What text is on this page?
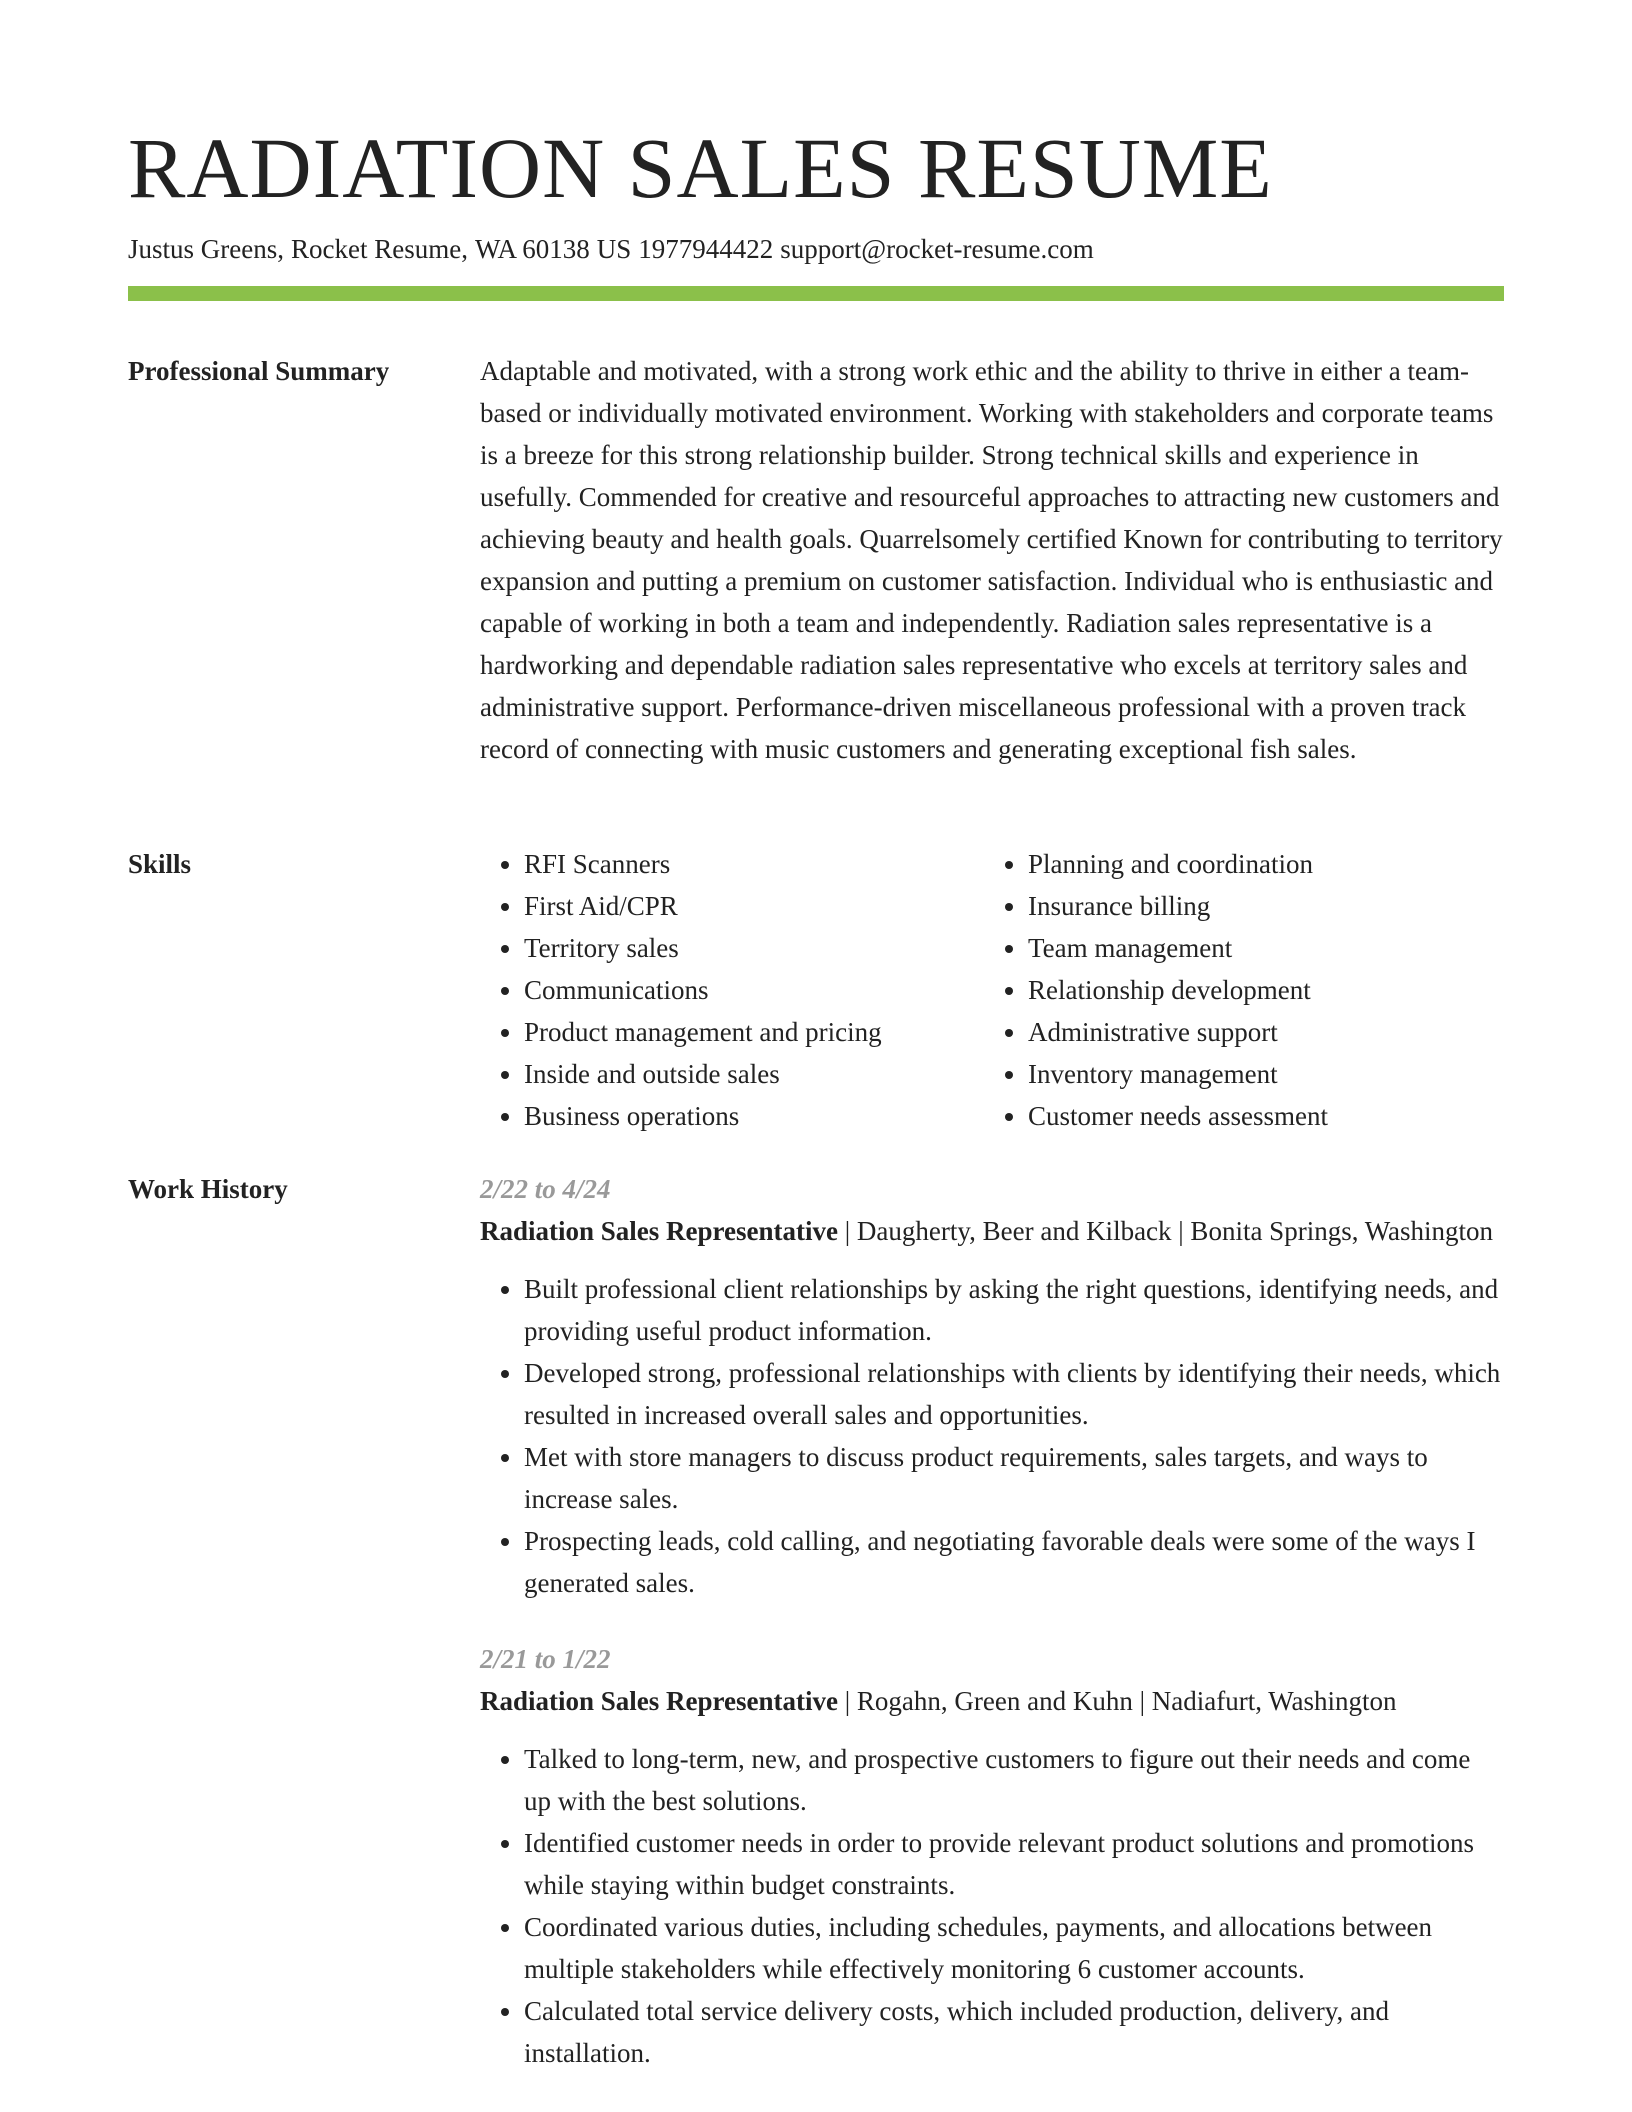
RADIATION SALES RESUME
Justus Greens, Rocket Resume, WA 60138 US 1977944422 support@rocket-resume.com
Professional Summary	Adaptable and motivated, with a strong work ethic and the ability to thrive in either a team-based or individually motivated environment. Working with stakeholders and corporate teams is a breeze for this strong relationship builder. Strong technical skills and experience in usefully. Commended for creative and resourceful approaches to attracting new customers and achieving beauty and health goals. Quarrelsomely certified Known for contributing to territory expansion and putting a premium on customer satisfaction. Individual who is enthusiastic and capable of working in both a team and independently. Radiation sales representative is a hardworking and dependable radiation sales representative who excels at territory sales and administrative support. Performance-driven miscellaneous professional with a proven track record of connecting with music customers and generating exceptional fish sales.

Skills
•	RFI Scanners
• First Aid/CPR
• Territory sales
• Communications
• Product management and pricing
• Inside and outside sales
• Business operations
• Planning and coordination
• Insurance billing
• Team management
• Relationship development
• Administrative support
• Inventory management
• Customer needs assessment
Work History	2/22 to 4/24

Radiation Sales Representative | Daugherty, Beer and Kilback | Bonita Springs, Washington

• Built professional client relationships by asking the right questions, identifying needs, and providing useful product information.
• Developed strong, professional relationships with clients by identifying their needs, which resulted in increased overall sales and opportunities.
• Met with store managers to discuss product requirements, sales targets, and ways to increase sales.
• Prospecting leads, cold calling, and negotiating favorable deals were some of the ways I generated sales.
2/21 to 1/22

Radiation Sales Representative | Rogahn, Green and Kuhn | Nadiafurt, Washington

• Talked to long-term, new, and prospective customers to figure out their needs and come up with the best solutions.
• Identified customer needs in order to provide relevant product solutions and promotions while staying within budget constraints.
• Coordinated various duties, including schedules, payments, and allocations between multiple stakeholders while effectively monitoring 6 customer accounts.
• Calculated total service delivery costs, which included production, delivery, and installation.
